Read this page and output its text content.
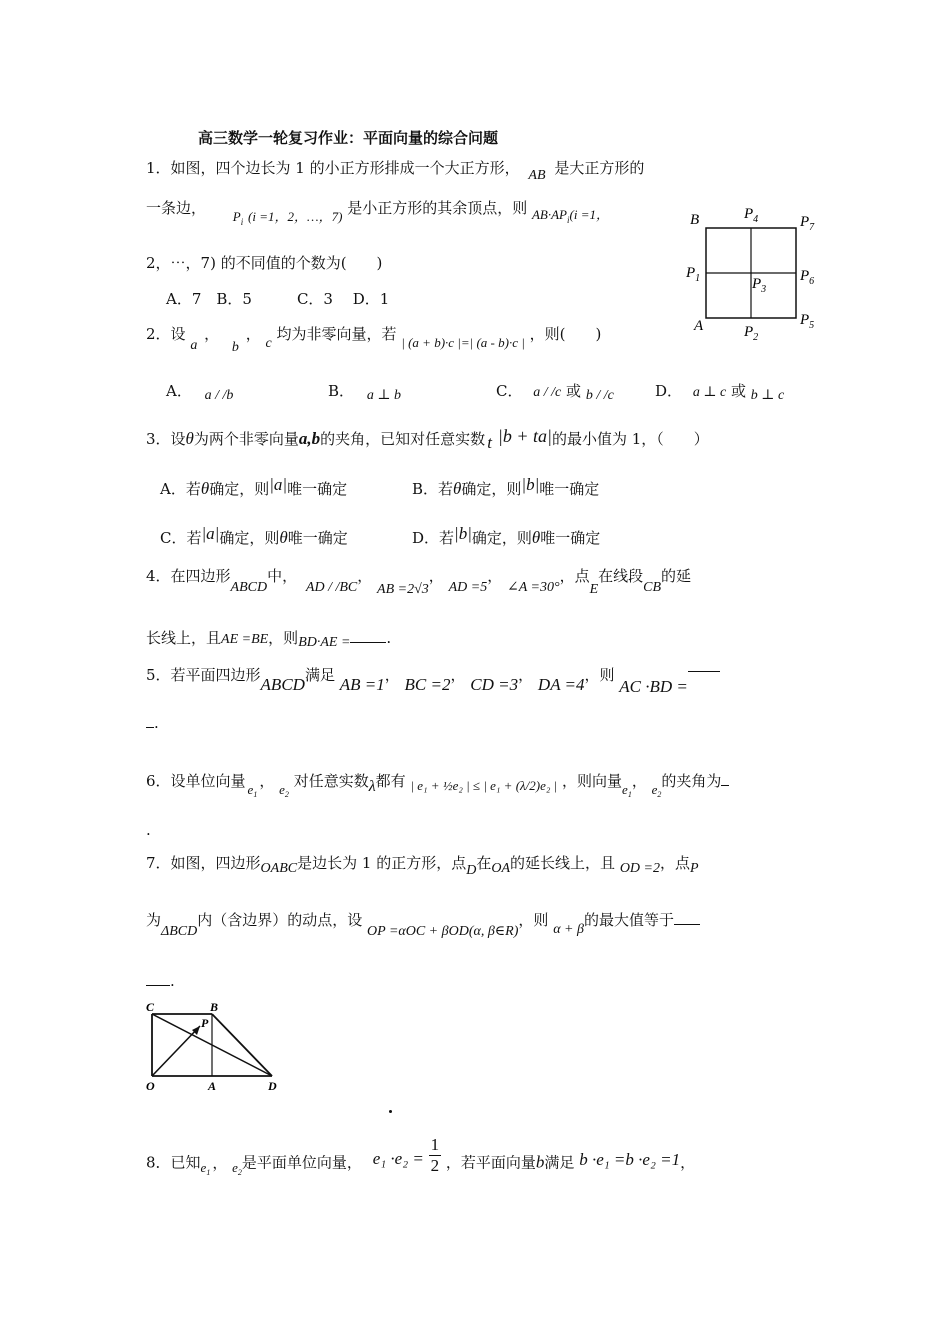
高三数学一轮复习作业：平面向量的综合问题
1．如图，四个边长为 1 的小正方形排成一个大正方形， AB 是大正方形的
一条边， $P_i$ (i =1，2，…，7) 是小正方形的其余顶点，则 $AB\cdot AP_i(i =1$，
2，⋯，7) 的不同值的个数为(　　)
A．7　B．5　　　C．3　 D．1
B	$P_4$	$P_7$
$P_1$	$P_3$
$P_6$
A	$P_2$
$P_5$
2．设 a ， b ， c 均为非零向量，若 | (a + b)·c |=| (a - b)·c | ，则(　　)
A． a / /b	B． a ⊥ b	C． a / /c 或 b / /c	D． a ⊥ c 或 b ⊥ c
3．设θ为两个非零向量a,b的夹角，已知对任意实数 t |b + ta|的最小值为 1，（　　）
A．若θ确定，则|a|唯一确定	B．若θ确定，则|b|唯一确定
C．若|a|确定，则θ唯一确定	D．若|b|确定，则θ唯一确定
4．在四边形ABCD中， AD / /BC， AB =2√3， AD =5， ∠A =30°，点E在线段CB的延
长线上，且AE =BE，则BD·AE = .
5．若平面四边形ABCD满足 AB =1， BC =2， CD =3， DA =4，则 AC ·BD =
.
6．设单位向量 $e_1$， $e_2$ 对任意实数λ都有 | e₁ + ½e₂ | ≤ | e₁ + (λ/2)e₂ | ，则向量$e_1$， $e_2$的夹角为
.
7．如图，四边形OABC是边长为 1 的正方形，点D在OA的延长线上，且 OD =2，点P
为ΔBCD内（含边界）的动点，设 OP =αOC + βOD(α, β∈R)，则 α + β的最大值等于
.
C	B
P
O	A	D
8．已知$e_1$， $e_2$是平面单位向量， $e_1 \cdot e_2 = \frac{1}{2}$ ，若平面向量b满足 b ·e₁ =b ·e₂ =1，
